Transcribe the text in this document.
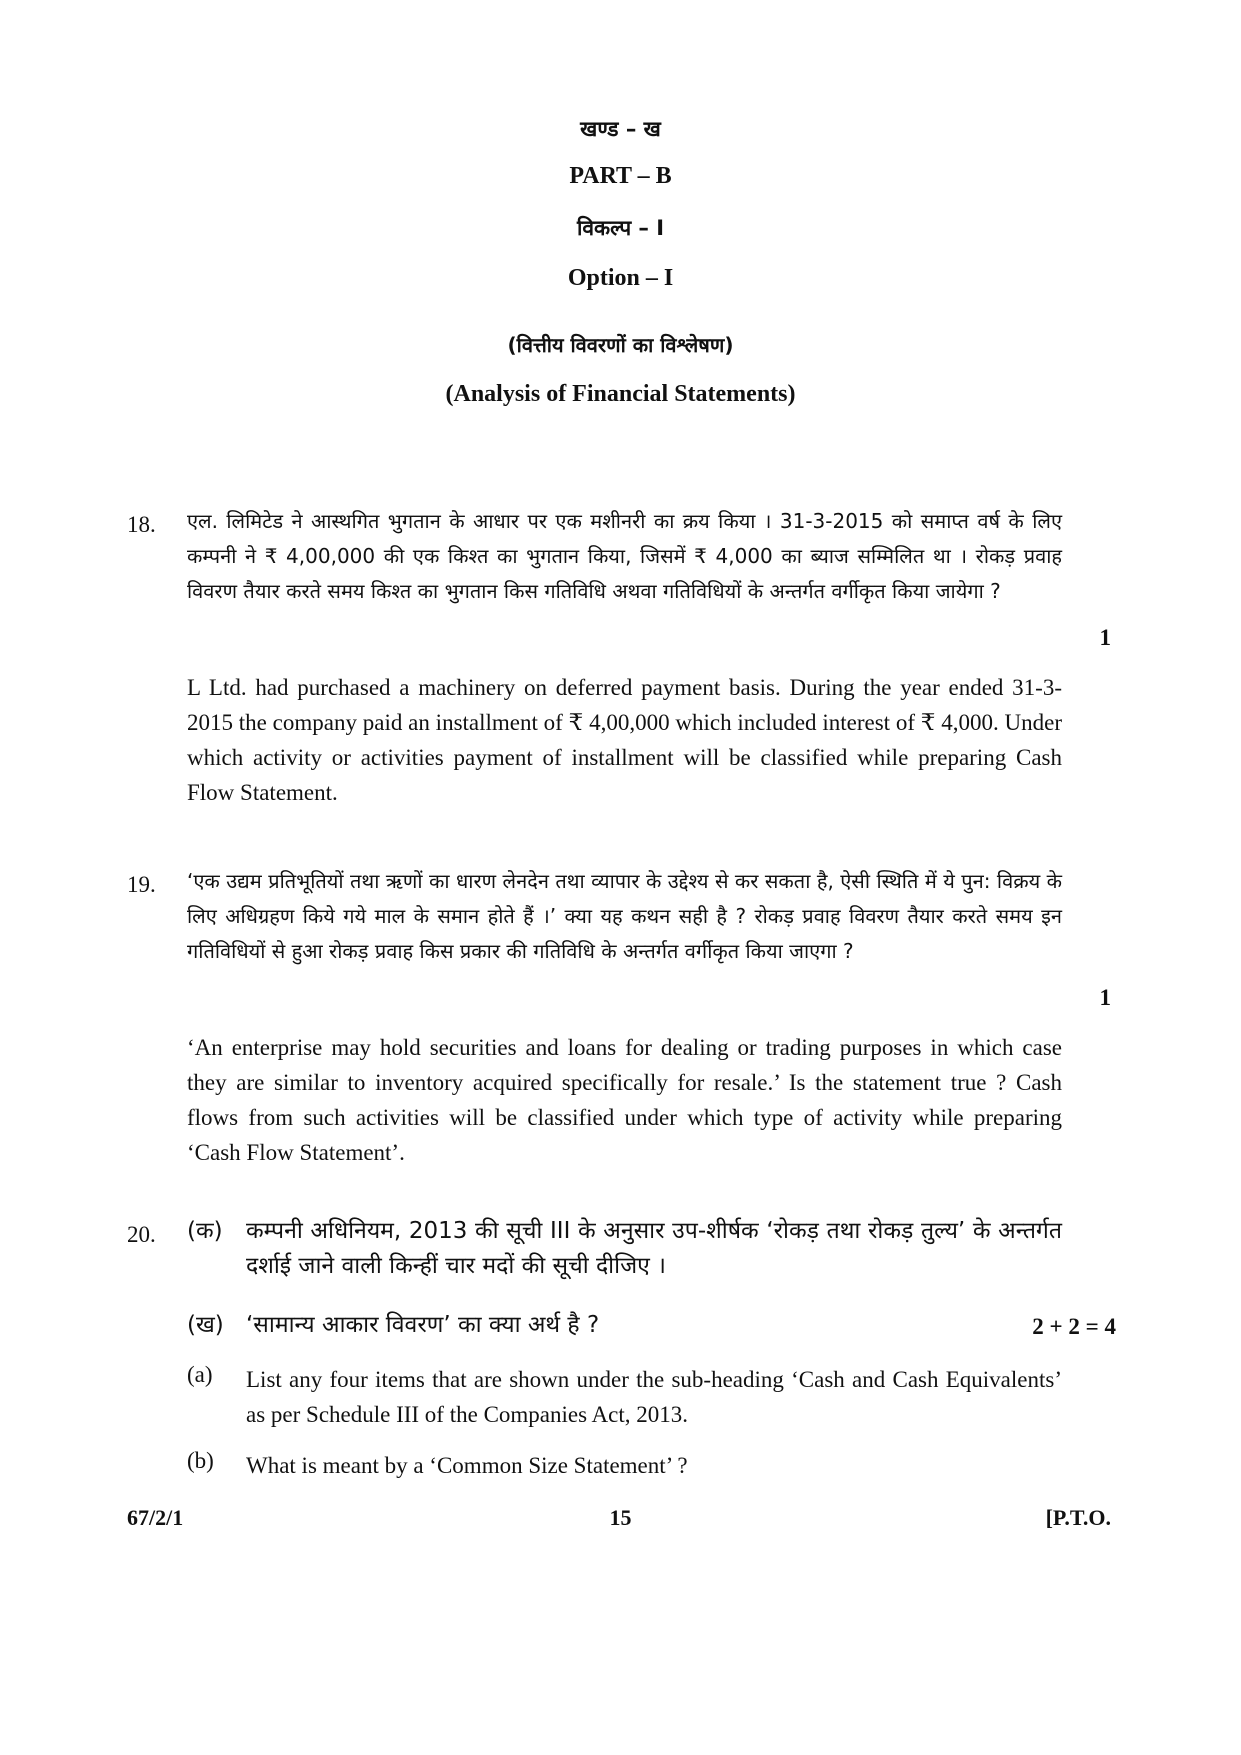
खण्ड – ख
PART – B
विकल्प – I
Option – I
(वित्तीय विवरणों का विश्लेषण)
(Analysis of Financial Statements)
18. एल. लिमिटेड ने आस्थगित भुगतान के आधार पर एक मशीनरी का क्रय किया । 31-3-2015 को समाप्त वर्ष के लिए कम्पनी ने ₹ 4,00,000 की एक किश्त का भुगतान किया, जिसमें ₹ 4,000 का ब्याज सम्मिलित था । रोकड़ प्रवाह विवरण तैयार करते समय किश्त का भुगतान किस गतिविधि अथवा गतिविधियों के अन्तर्गत वर्गीकृत किया जायेगा ?
1
L Ltd. had purchased a machinery on deferred payment basis. During the year ended 31-3-2015 the company paid an installment of ₹ 4,00,000 which included interest of ₹ 4,000. Under which activity or activities payment of installment will be classified while preparing Cash Flow Statement.
19. ‘एक उद्यम प्रतिभूतियों तथा ऋणों का धारण लेनदेन तथा व्यापार के उद्देश्य से कर सकता है, ऐसी स्थिति में ये पुन: विक्रय के लिए अधिग्रहण किये गये माल के समान होते हैं ।’ क्या यह कथन सही है ? रोकड़ प्रवाह विवरण तैयार करते समय इन गतिविधियों से हुआ रोकड़ प्रवाह किस प्रकार की गतिविधि के अन्तर्गत वर्गीकृत किया जाएगा ?
1
‘An enterprise may hold securities and loans for dealing or trading purposes in which case they are similar to inventory acquired specifically for resale.’ Is the statement true ? Cash flows from such activities will be classified under which type of activity while preparing ‘Cash Flow Statement’.
20. (क) कम्पनी अधिनियम, 2013 की सूची III के अनुसार उप-शीर्षक ‘रोकड़ तथा रोकड़ तुल्य’ के अन्तर्गत दर्शाई जाने वाली किन्हीं चार मदों की सूची दीजिए ।
(ख) ‘सामान्य आकार विवरण’ का क्या अर्थ है ?	2 + 2 = 4
(a) List any four items that are shown under the sub-heading ‘Cash and Cash Equivalents’ as per Schedule III of the Companies Act, 2013.
(b) What is meant by a ‘Common Size Statement’ ?
67/2/1	15	[P.T.O.
